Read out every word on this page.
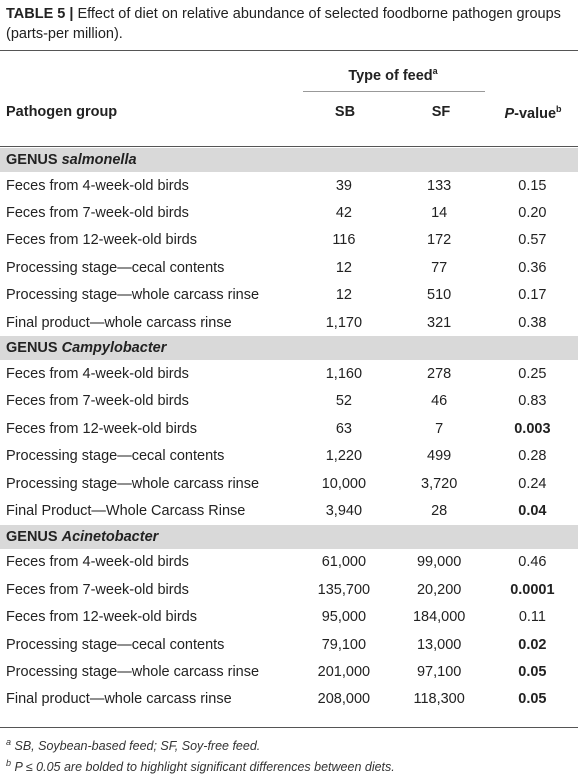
TABLE 5 | Effect of diet on relative abundance of selected foodborne pathogen groups (parts-per million).
Type of feed$^a$
Pathogen group	SB	SF	P-value$^b$
GENUS salmonella			
Feces from 4-week-old birds	39	133	0.15
Feces from 7-week-old birds	42	14	0.20
Feces from 12-week-old birds	116	172	0.57
Processing stage—cecal contents	12	77	0.36
Processing stage—whole carcass rinse	12	510	0.17
Final product—whole carcass rinse	1,170	321	0.38
GENUS Campylobacter			
Feces from 4-week-old birds	1,160	278	0.25
Feces from 7-week-old birds	52	46	0.83
Feces from 12-week-old birds	63	7	0.003
Processing stage—cecal contents	1,220	499	0.28
Processing stage—whole carcass rinse	10,000	3,720	0.24
Final Product—Whole Carcass Rinse	3,940	28	0.04
GENUS Acinetobacter			
Feces from 4-week-old birds	61,000	99,000	0.46
Feces from 7-week-old birds	135,700	20,200	0.0001
Feces from 12-week-old birds	95,000	184,000	0.11
Processing stage—cecal contents	79,100	13,000	0.02
Processing stage—whole carcass rinse	201,000	97,100	0.05
Final product—whole carcass rinse	208,000	118,300	0.05
$^a$ SB, Soybean-based feed; SF, Soy-free feed.
$^b$ P ≤ 0.05 are bolded to highlight significant differences between diets.
